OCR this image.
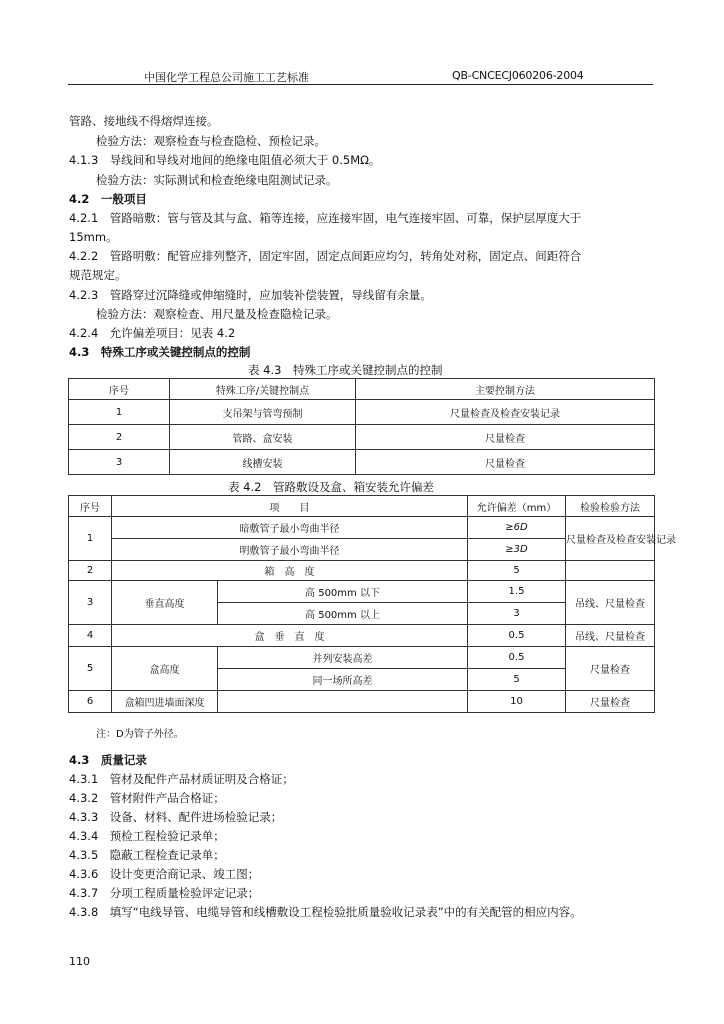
中国化学工程总公司施工工艺标准	QB-CNCECJ060206-2004
管路、接地线不得熔焊连接。
检验方法：观察检查与检查隐检、预检记录。
4.1.3　导线间和导线对地间的绝缘电阻值必须大于 0.5MΩ。
检验方法：实际测试和检查绝缘电阻测试记录。
4.2　一般项目
4.2.1　管路暗敷：管与管及其与盒、箱等连接，应连接牢固，电气连接牢固、可靠，保护层厚度大于
15mm。
4.2.2　管路明敷：配管应排列整齐，固定牢固，固定点间距应均匀，转角处对称，固定点、间距符合
规范规定。
4.2.3　管路穿过沉降缝或伸缩缝时，应加装补偿装置，导线留有余量。
检验方法：观察检查、用尺量及检查隐检记录。
4.2.4　允许偏差项目：见表 4.2
4.3　特殊工序或关键控制点的控制
表 4.3　特殊工序或关键控制点的控制
序号	特殊工序/关键控制点	主要控制方法
1	支吊架与管弯预制	尺量检查及检查安装记录
2	管路、盒安装	尺量检查
3	线槽安装	尺量检查
表 4.2　管路敷设及盒、箱安装允许偏差
序号	项　　目		允许偏差（mm）	检验检验方法
1	暗敷管子最小弯曲半径		≥6D	尺量检查及检查安装记录
	明敷管子最小弯曲半径		≥3D	
2	箱　高　度		5	
3	垂直高度	高 500mm 以下	1.5	吊线、尺量检查
		高 500mm 以上	3	
4	盒　垂　直　度		0.5	吊线、尺量检查
5	盒高度	并列安装高差	0.5	尺量检查
		同一场所高差	5	
6	盒箱凹进墙面深度		10	尺量检查
注：D为管子外径。
4.3　质量记录
4.3.1　管材及配件产品材质证明及合格证；
4.3.2　管材附件产品合格证；
4.3.3　设备、材料、配件进场检验记录；
4.3.4　预检工程检验记录单；
4.3.5　隐蔽工程检查记录单；
4.3.6　设计变更洽商记录、竣工图；
4.3.7　分项工程质量检验评定记录；
4.3.8　填写“电线导管、电缆导管和线槽敷设工程检验批质量验收记录表”中的有关配管的相应内容。
110
